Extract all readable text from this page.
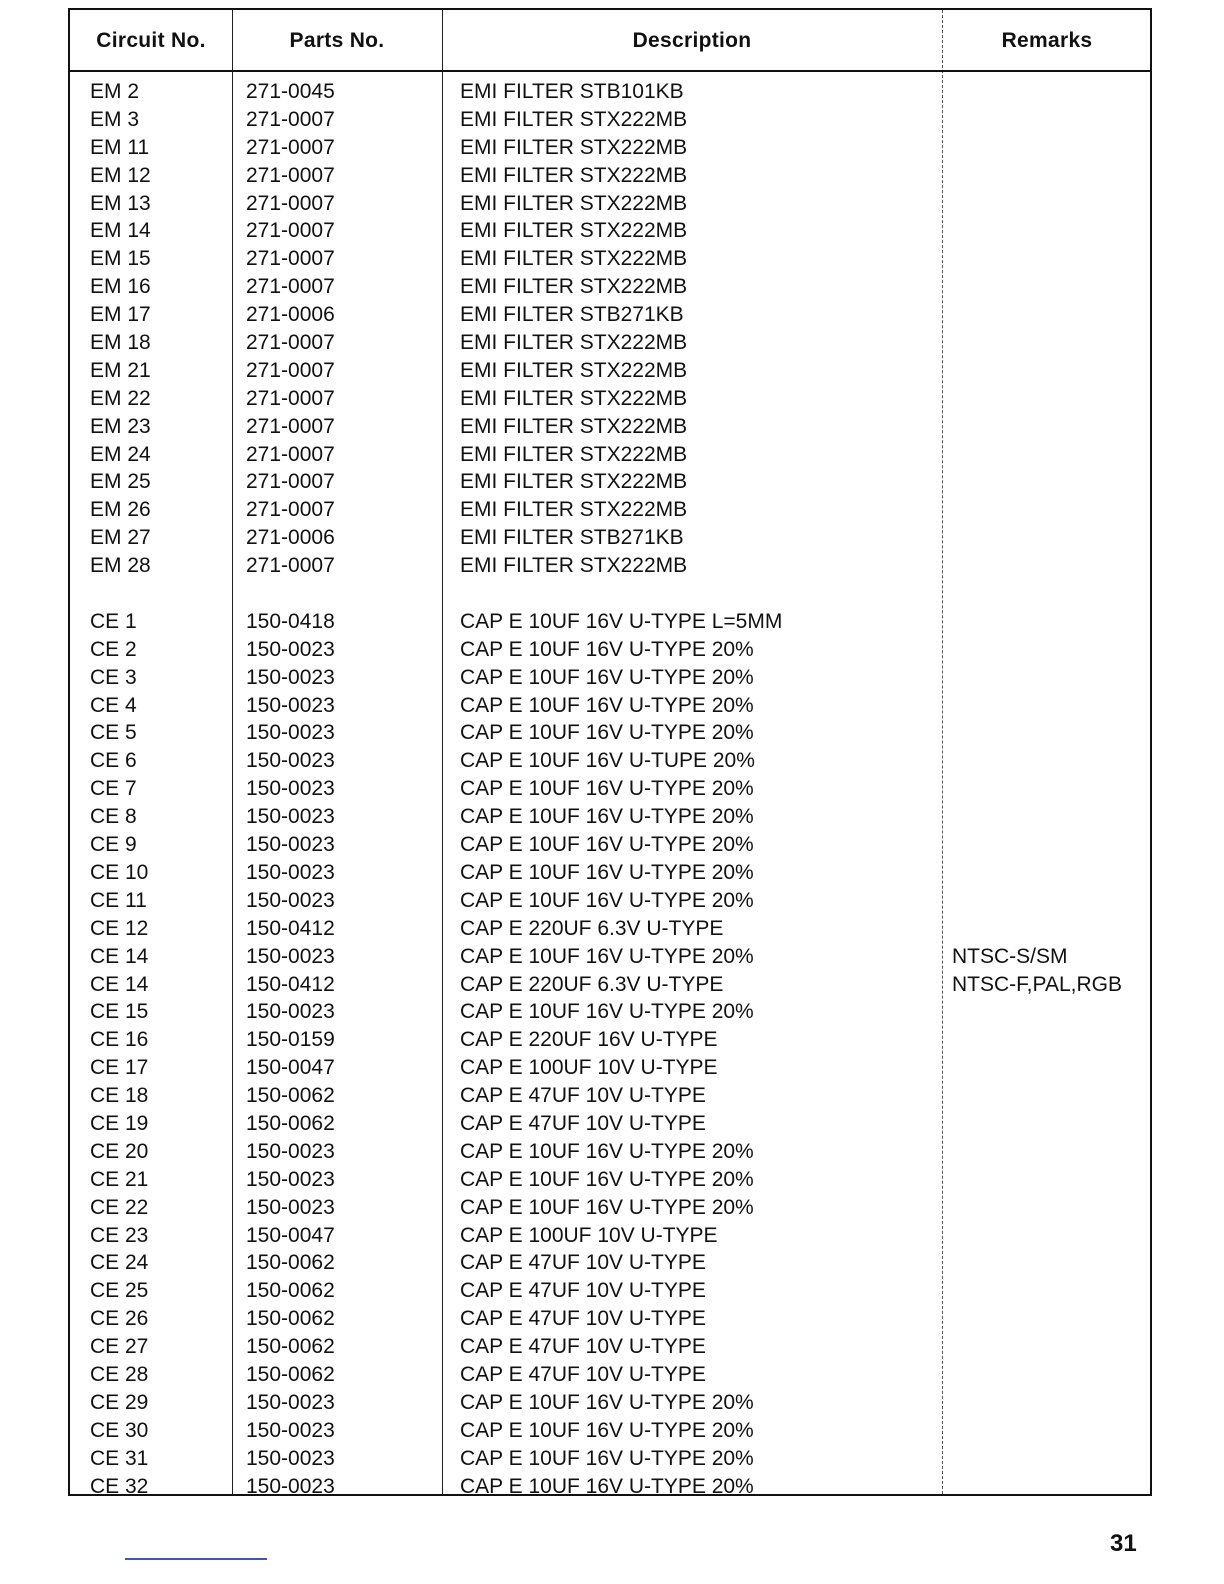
Circuit No.	Parts No.	Description	Remarks
EM 2	271-0045	EMI FILTER STB101KB
EM 3	271-0007	EMI FILTER STX222MB
EM 11	271-0007	EMI FILTER STX222MB
EM 12	271-0007	EMI FILTER STX222MB
EM 13	271-0007	EMI FILTER STX222MB
EM 14	271-0007	EMI FILTER STX222MB
EM 15	271-0007	EMI FILTER STX222MB
EM 16	271-0007	EMI FILTER STX222MB
EM 17	271-0006	EMI FILTER STB271KB
EM 18	271-0007	EMI FILTER STX222MB
EM 21	271-0007	EMI FILTER STX222MB
EM 22	271-0007	EMI FILTER STX222MB
EM 23	271-0007	EMI FILTER STX222MB
EM 24	271-0007	EMI FILTER STX222MB
EM 25	271-0007	EMI FILTER STX222MB
EM 26	271-0007	EMI FILTER STX222MB
EM 27	271-0006	EMI FILTER STB271KB
EM 28	271-0007	EMI FILTER STX222MB
CE 1	150-0418	CAP E 10UF 16V U-TYPE L=5MM
CE 2	150-0023	CAP E 10UF 16V U-TYPE 20%
CE 3	150-0023	CAP E 10UF 16V U-TYPE 20%
CE 4	150-0023	CAP E 10UF 16V U-TYPE 20%
CE 5	150-0023	CAP E 10UF 16V U-TYPE 20%
CE 6	150-0023	CAP E 10UF 16V U-TUPE 20%
CE 7	150-0023	CAP E 10UF 16V U-TYPE 20%
CE 8	150-0023	CAP E 10UF 16V U-TYPE 20%
CE 9	150-0023	CAP E 10UF 16V U-TYPE 20%
CE 10	150-0023	CAP E 10UF 16V U-TYPE 20%
CE 11	150-0023	CAP E 10UF 16V U-TYPE 20%
CE 12	150-0412	CAP E 220UF 6.3V U-TYPE
CE 14	150-0023	CAP E 10UF 16V U-TYPE 20%	NTSC-S/SM
CE 14	150-0412	CAP E 220UF 6.3V U-TYPE	NTSC-F,PAL,RGB
CE 15	150-0023	CAP E 10UF 16V U-TYPE 20%
CE 16	150-0159	CAP E 220UF 16V U-TYPE
CE 17	150-0047	CAP E 100UF 10V U-TYPE
CE 18	150-0062	CAP E 47UF 10V U-TYPE
CE 19	150-0062	CAP E 47UF 10V U-TYPE
CE 20	150-0023	CAP E 10UF 16V U-TYPE 20%
CE 21	150-0023	CAP E 10UF 16V U-TYPE 20%
CE 22	150-0023	CAP E 10UF 16V U-TYPE 20%
CE 23	150-0047	CAP E 100UF 10V U-TYPE
CE 24	150-0062	CAP E 47UF 10V U-TYPE
CE 25	150-0062	CAP E 47UF 10V U-TYPE
CE 26	150-0062	CAP E 47UF 10V U-TYPE
CE 27	150-0062	CAP E 47UF 10V U-TYPE
CE 28	150-0062	CAP E 47UF 10V U-TYPE
CE 29	150-0023	CAP E 10UF 16V U-TYPE 20%
CE 30	150-0023	CAP E 10UF 16V U-TYPE 20%
CE 31	150-0023	CAP E 10UF 16V U-TYPE 20%
CE 32	150-0023	CAP E 10UF 16V U-TYPE 20%
31
